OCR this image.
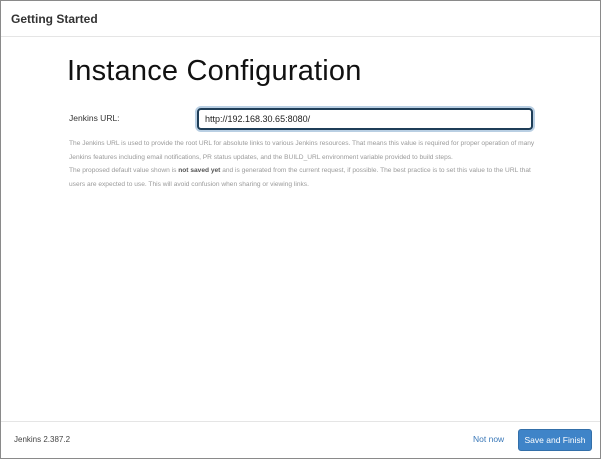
Getting Started
Instance Configuration
Jenkins URL:
http://192.168.30.65:8080/

The Jenkins URL is used to provide the root URL for absolute links to various Jenkins resources. That means this value is required for proper operation of many Jenkins features including email notifications, PR status updates, and the BUILD_URL environment variable provided to build steps.

The proposed default value shown is not saved yet and is generated from the current request, if possible. The best practice is to set this value to the URL that users are expected to use. This will avoid confusion when sharing or viewing links.

Jenkins 2.387.2	Not now	Save and Finish
